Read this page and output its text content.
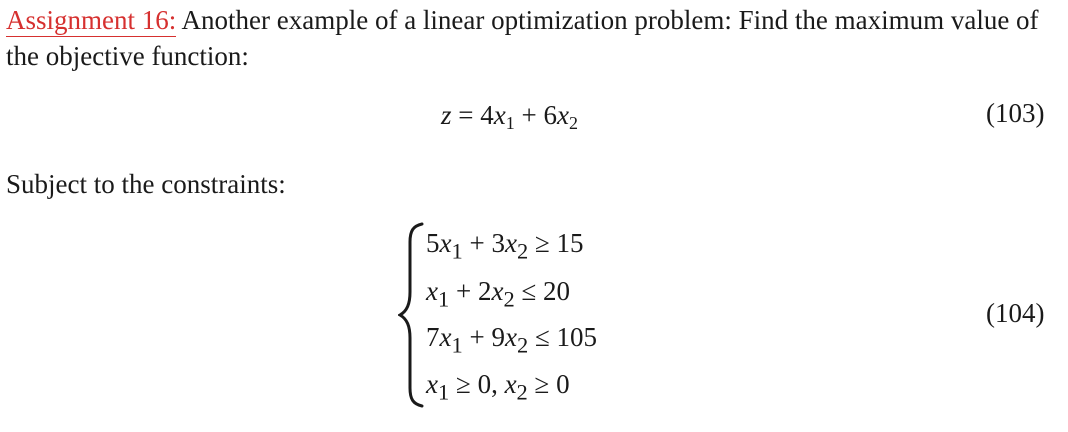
Assignment 16: Another example of a linear optimization problem: Find the maximum value of the objective function:

$z = 4x_1 + 6x_2$	(103)
Subject to the constraints:
$5x_1 + 3x_2 \ge 15$
$x_1 + 2x_2 \le 20$
$7x_1 + 9x_2 \le 105$
$x_1 \ge 0$, $x_2 \ge 0$
(104)
